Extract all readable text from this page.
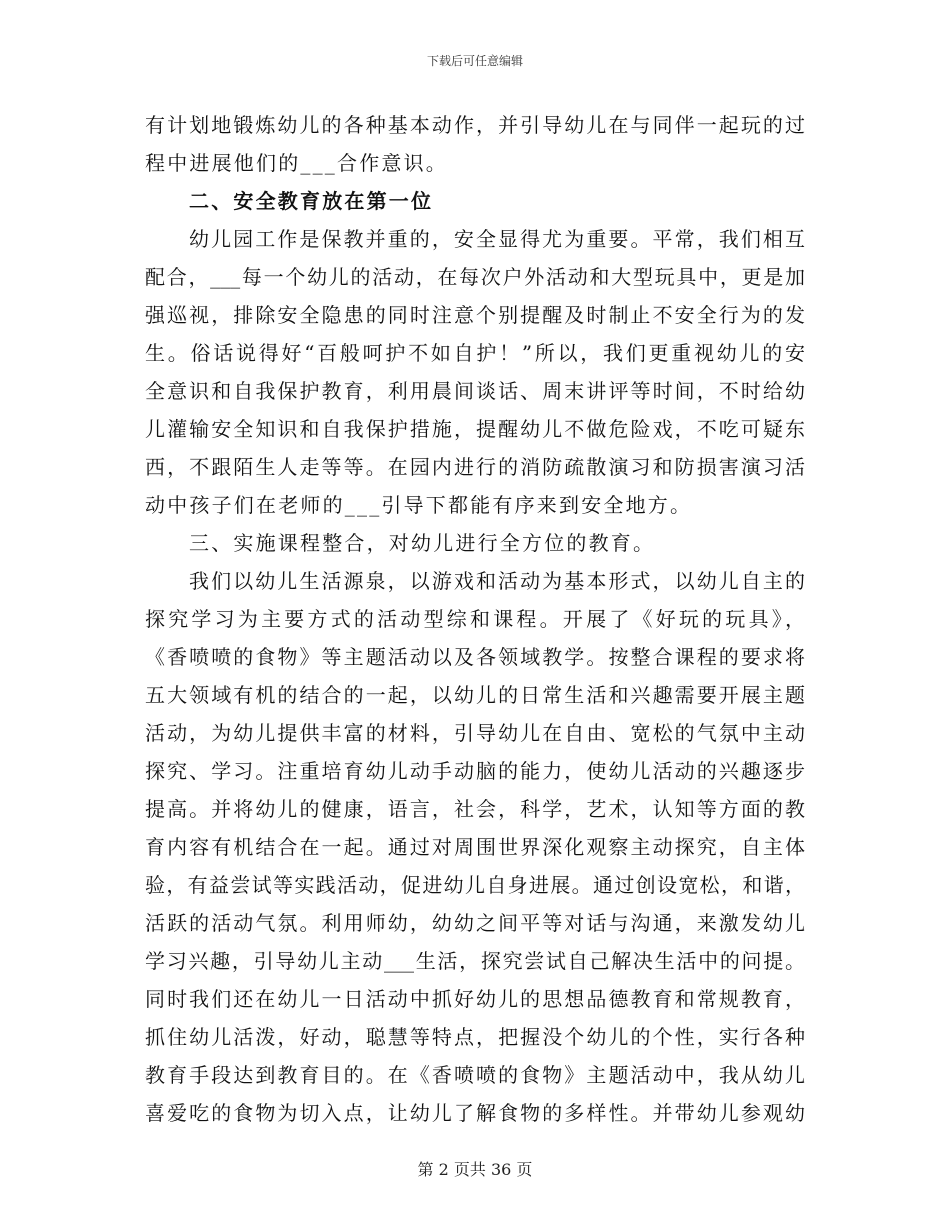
下载后可任意编辑
有计划地锻炼幼儿的各种基本动作，并引导幼儿在与同伴一起玩的过
程中进展他们的___合作意识。
二、安全教育放在第一位
幼儿园工作是保教并重的，安全显得尤为重要。平常，我们相互
配合，___每一个幼儿的活动，在每次户外活动和大型玩具中，更是加
强巡视，排除安全隐患的同时注意个别提醒及时制止不安全行为的发
生。俗话说得好“百般呵护不如自护！”所以，我们更重视幼儿的安
全意识和自我保护教育，利用晨间谈话、周末讲评等时间，不时给幼
儿灌输安全知识和自我保护措施，提醒幼儿不做危险戏，不吃可疑东
西，不跟陌生人走等等。在园内进行的消防疏散演习和防损害演习活
动中孩子们在老师的___引导下都能有序来到安全地方。
三、实施课程整合，对幼儿进行全方位的教育。
我们以幼儿生活源泉，以游戏和活动为基本形式，以幼儿自主的
探究学习为主要方式的活动型综和课程。开展了《好玩的玩具》，
《香喷喷的食物》等主题活动以及各领域教学。按整合课程的要求将
五大领域有机的结合的一起，以幼儿的日常生活和兴趣需要开展主题
活动，为幼儿提供丰富的材料，引导幼儿在自由、宽松的气氛中主动
探究、学习。注重培育幼儿动手动脑的能力，使幼儿活动的兴趣逐步
提高。并将幼儿的健康，语言，社会，科学，艺术，认知等方面的教
育内容有机结合在一起。通过对周围世界深化观察主动探究，自主体
验，有益尝试等实践活动，促进幼儿自身进展。通过创设宽松，和谐，
活跃的活动气氛。利用师幼，幼幼之间平等对话与沟通，来激发幼儿
学习兴趣，引导幼儿主动___生活，探究尝试自己解决生活中的问提。
同时我们还在幼儿一日活动中抓好幼儿的思想品德教育和常规教育，
抓住幼儿活泼，好动，聪慧等特点，把握没个幼儿的个性，实行各种
教育手段达到教育目的。在《香喷喷的食物》主题活动中，我从幼儿
喜爱吃的食物为切入点，让幼儿了解食物的多样性。并带幼儿参观幼
第 2 页共 36 页
